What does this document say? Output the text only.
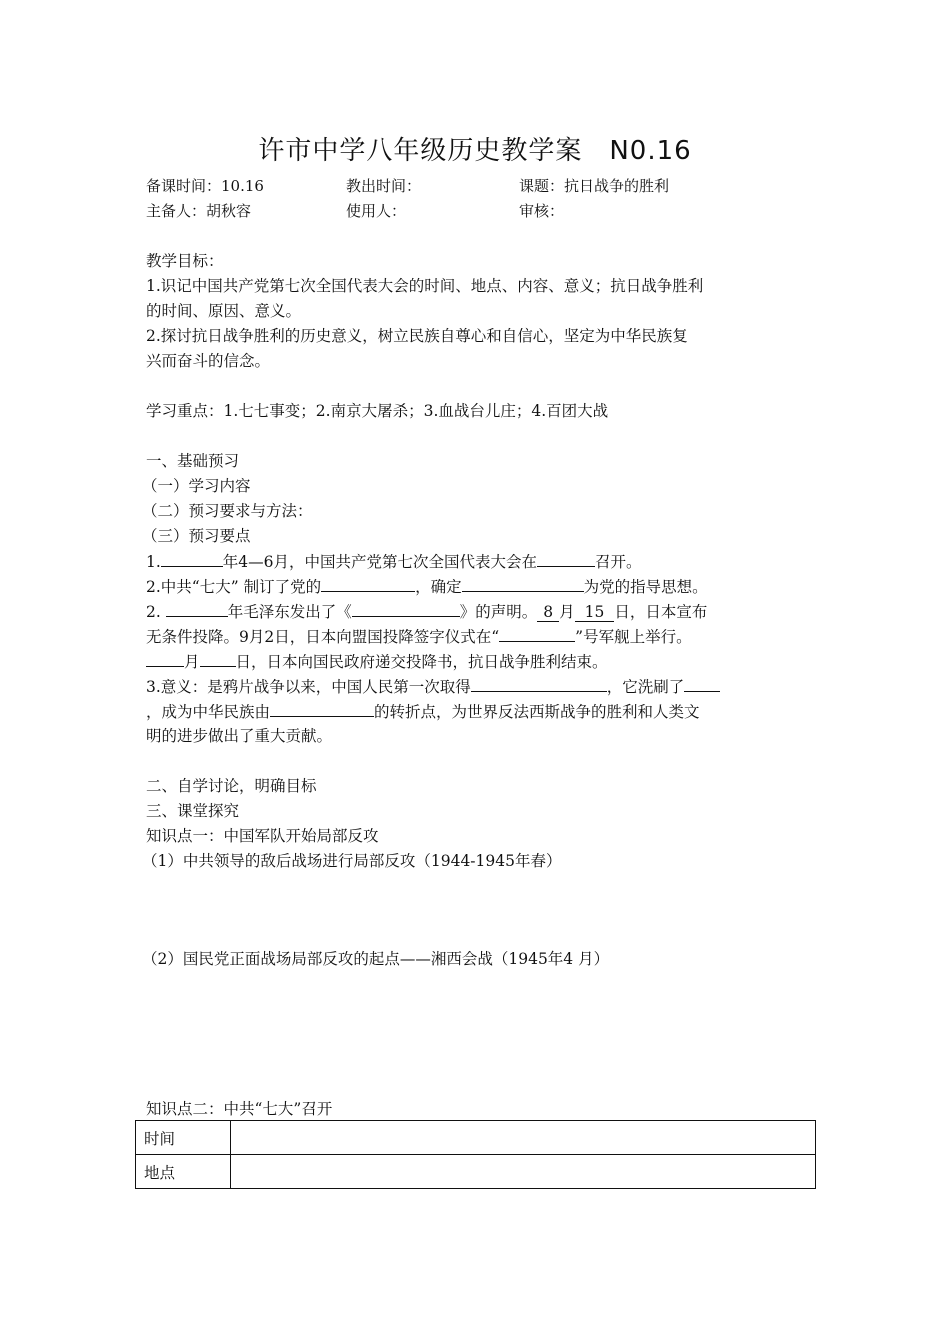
许市中学八年级历史教学案　N0.16
备课时间：10.16	教出时间：	课题：抗日战争的胜利
主备人：胡秋容	使用人：	审核：
教学目标：
1.识记中国共产党第七次全国代表大会的时间、地点、内容、意义；抗日战争胜利
的时间、原因、意义。
2.探讨抗日战争胜利的历史意义，树立民族自尊心和自信心，坚定为中华民族复
兴而奋斗的信念。
学习重点：1.七七事变；2.南京大屠杀；3.血战台儿庄；4.百团大战
一、基础预习
（一）学习内容
（二）预习要求与方法：
（三）预习要点
1.	年4—6月，中国共产党第七次全国代表大会在	召开。
2.中共“七大” 制订了党的	，确定	为党的指导思想。
2.	年毛泽东发出了《	》的声明。 8 月 15 日，日本宣布
无条件投降。9月2日，日本向盟国投降签字仪式在“	”号军舰上举行。
月 日，日本向国民政府递交投降书，抗日战争胜利结束。
3.意义：是鸦片战争以来，中国人民第一次取得	，它洗刷了
，成为中华民族由	的转折点，为世界反法西斯战争的胜利和人类文
明的进步做出了重大贡献。
二、自学讨论，明确目标
三、课堂探究
知识点一：中国军队开始局部反攻
（1）中共领导的敌后战场进行局部反攻（1944-1945年春）
（2）国民党正面战场局部反攻的起点——湘西会战（1945年4 月）
知识点二：中共“七大”召开
时间	
地点	
